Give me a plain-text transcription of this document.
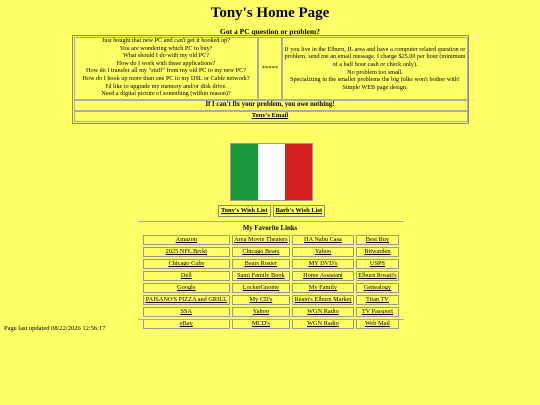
Tony's Home Page
Got a PC question or problem?
Just bought that new PC and can't get it hooked up?
You are wondering which PC to buy?
What should I do with my old PC?
How do I work with these applications?
How do I transfer all my "stuff" from my old PC to my new PC?
How do I hook up more than one PC to my DSL or Cable network?
I'd like to upgrade my memory and/or disk drive.
Need a digital picture of something (within reason)?
*****
If you live in the Elburn, IL area and have a computer related question or problem, send me an email message. I charge $25.00 per hour (minimum of a half hour cash or check only).
No problem too small.
Specializing in the smaller problems the big folks won't bother with!
Simple WEB page design.
If I can't fix your problem, you owe nothing!
Tony's Email
Tony's Wish List	Barb's Wish List
My Favorite Links
Amazon	Area Movie Theaters	HA Nabu Casa	Best Buy
2025 NFL Brckt	Chicago Bears	Yahoo	Bitwarden
Chicago Cubs	Bears Roster	MY DVD's	USPS
Dell	Sami Family Book	Home Assistant	Elburn Rosati's
Google	LockerGnome	My Family	Genealogy
PAISANO'S PIZZA and GRILL	My CD's	Ream's Elburn Market	Titan TV
SSA	Yahoo	WGN Radio	TV Passport
eBay	MCD's	WGN Radio	Web Mail
Page last updated 08/22/2026 12:56:17
